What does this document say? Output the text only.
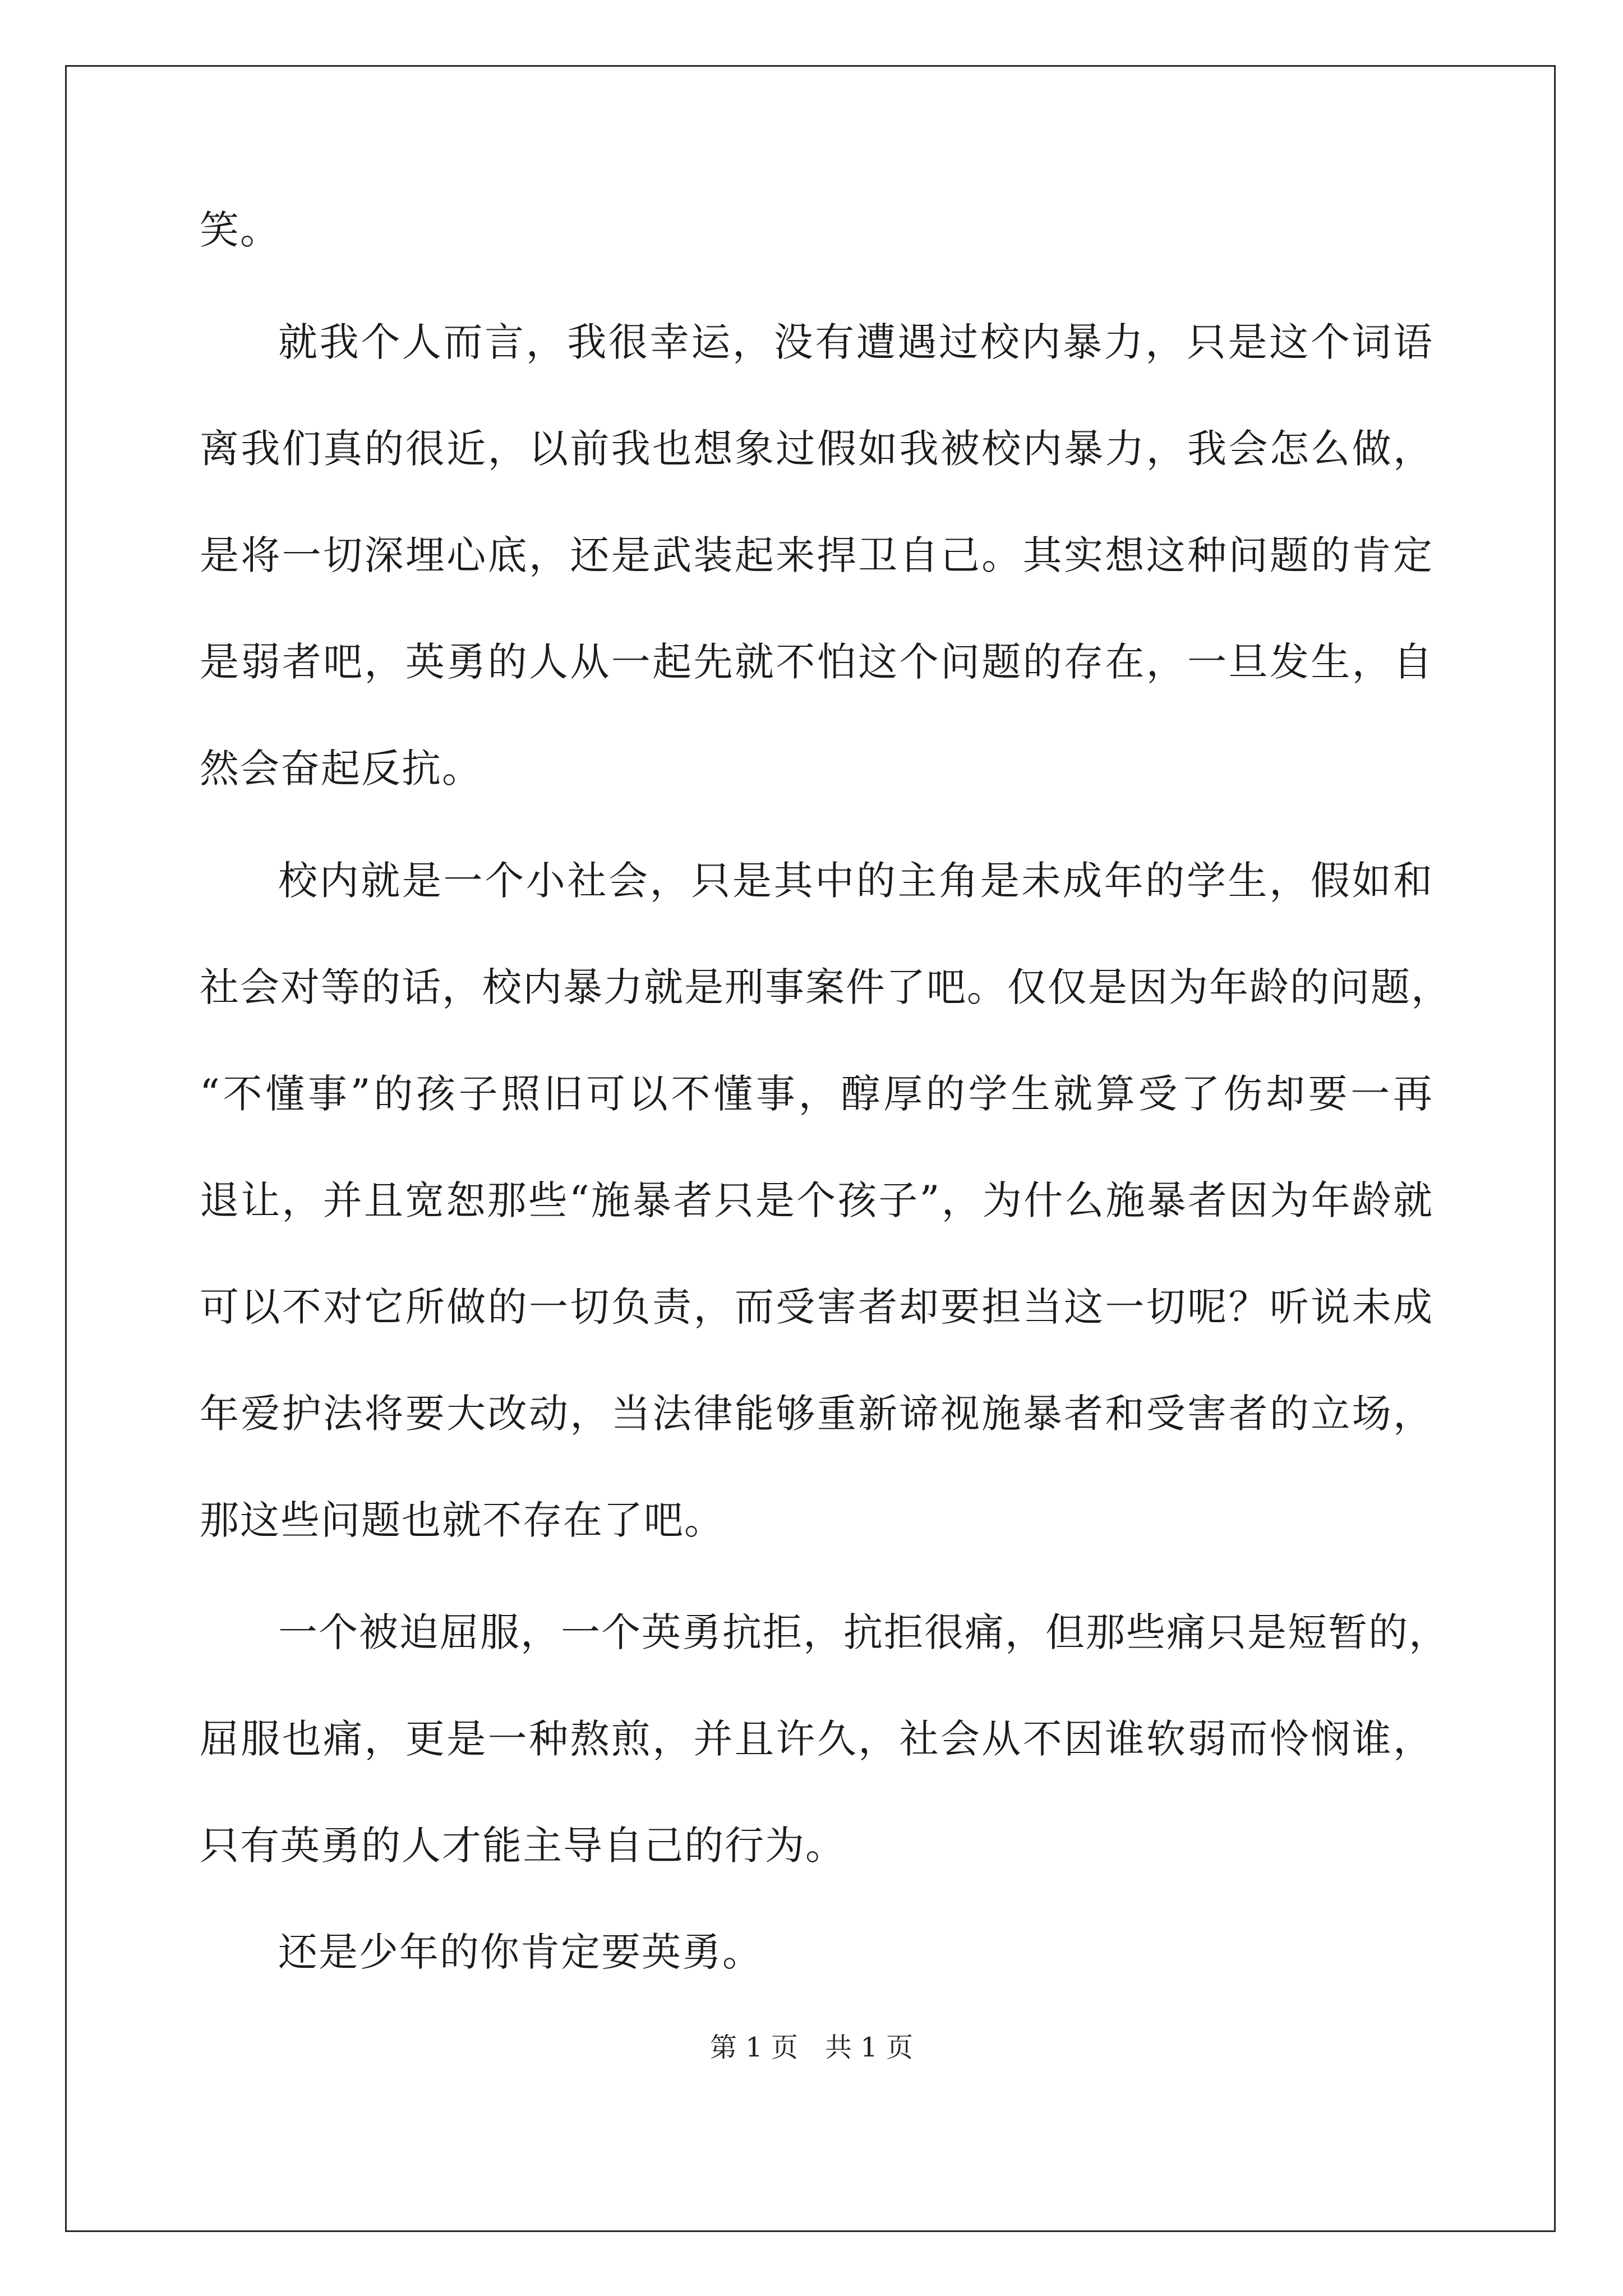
笑。
就我个人而言，我很幸运，没有遭遇过校内暴力，只是这个词语
离我们真的很近，以前我也想象过假如我被校内暴力，我会怎么做，
是将一切深埋心底，还是武装起来捍卫自己。其实想这种问题的肯定
是弱者吧，英勇的人从一起先就不怕这个问题的存在，一旦发生，自
然会奋起反抗。
校内就是一个小社会，只是其中的主角是未成年的学生，假如和
社会对等的话，校内暴力就是刑事案件了吧。仅仅是因为年龄的问题，
“不懂事”的孩子照旧可以不懂事，醇厚的学生就算受了伤却要一再
退让，并且宽恕那些“施暴者只是个孩子”，为什么施暴者因为年龄就
可以不对它所做的一切负责，而受害者却要担当这一切呢？听说未成
年爱护法将要大改动，当法律能够重新谛视施暴者和受害者的立场，
那这些问题也就不存在了吧。
一个被迫屈服，一个英勇抗拒，抗拒很痛，但那些痛只是短暂的，
屈服也痛，更是一种熬煎，并且许久，社会从不因谁软弱而怜悯谁，
只有英勇的人才能主导自己的行为。
还是少年的你肯定要英勇。
第 1 页　共 1 页
